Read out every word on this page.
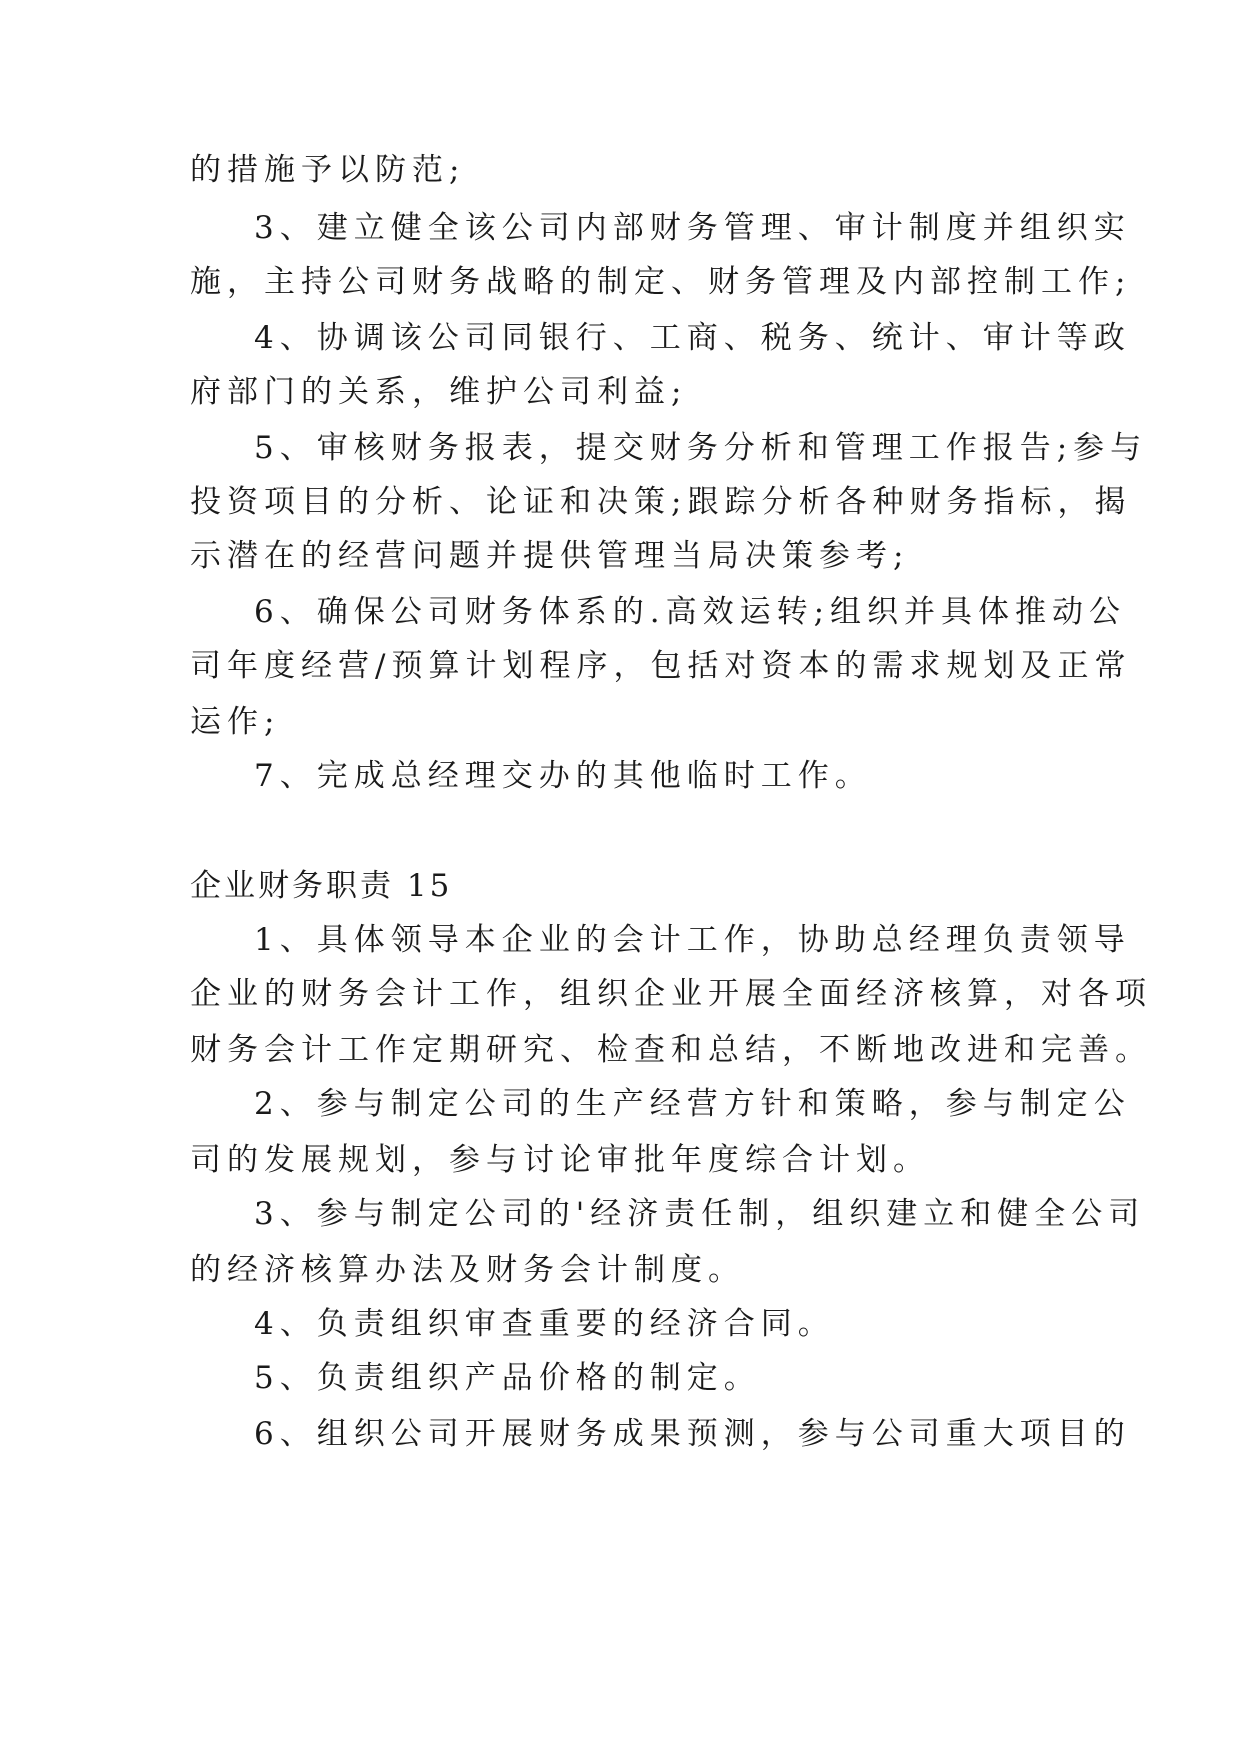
的措施予以防范;

3、建立健全该公司内部财务管理、审计制度并组织实

施，主持公司财务战略的制定、财务管理及内部控制工作;

4、协调该公司同银行、工商、税务、统计、审计等政

府部门的关系，维护公司利益;

5、审核财务报表，提交财务分析和管理工作报告;参与

投资项目的分析、论证和决策;跟踪分析各种财务指标，揭

示潜在的经营问题并提供管理当局决策参考;

6、确保公司财务体系的.高效运转;组织并具体推动公

司年度经营/预算计划程序，包括对资本的需求规划及正常

运作;

7、完成总经理交办的其他临时工作。

企业财务职责 15

1、具体领导本企业的会计工作，协助总经理负责领导

企业的财务会计工作，组织企业开展全面经济核算，对各项

财务会计工作定期研究、检查和总结，不断地改进和完善。

2、参与制定公司的生产经营方针和策略，参与制定公

司的发展规划，参与讨论审批年度综合计划。

3、参与制定公司的'经济责任制，组织建立和健全公司

的经济核算办法及财务会计制度。

4、负责组织审查重要的经济合同。

5、负责组织产品价格的制定。

6、组织公司开展财务成果预测，参与公司重大项目的
